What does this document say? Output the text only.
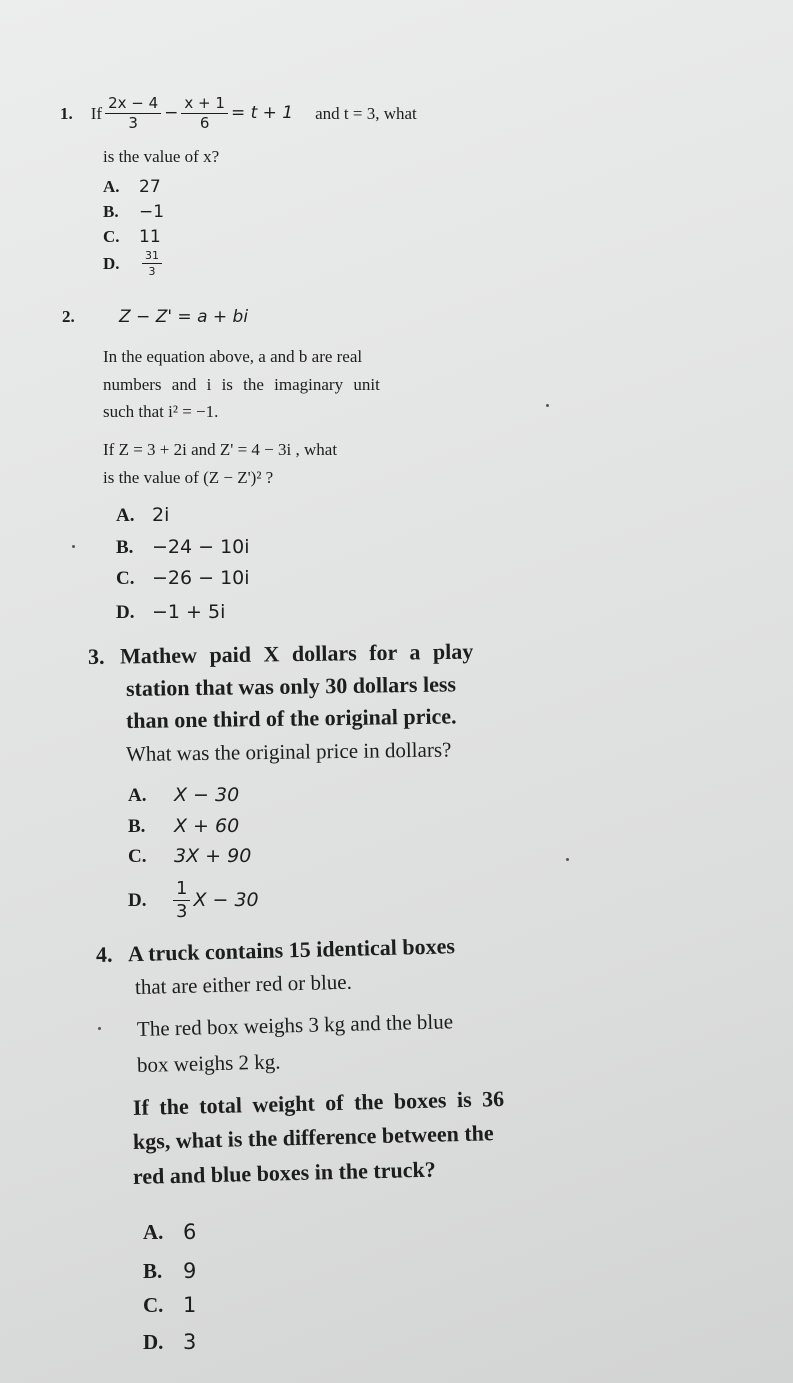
1. If $\frac{2x - 4}{3} - \frac{x + 1}{6} = t + 1$ and t = 3, what
is the value of x?
A. 27
B. −1
C. 11
D.	$\frac{31}{3}$
2.	Z − Z' = a + bi
In the equation above, a and b are real
numbers and i is the imaginary unit
such that i² = −1.
If Z = 3 + 2i and Z' = 4 − 3i , what
is the value of (Z − Z')² ?
A. 2i
B. −24 − 10i
C. −26 − 10i
D. −1 + 5i
3. Mathew paid X dollars for a play
station that was only 30 dollars less
than one third of the original price.
What was the original price in dollars?
A. X − 30
B. X + 60
C. 3X + 90
D.	$\frac{1}{3}$ X − 30
4. A truck contains 15 identical boxes
that are either red or blue.
The red box weighs 3 kg and the blue
box weighs 2 kg.
If the total weight of the boxes is 36
kgs, what is the difference between the
red and blue boxes in the truck?
A. 6
B. 9
C. 1
D. 3
